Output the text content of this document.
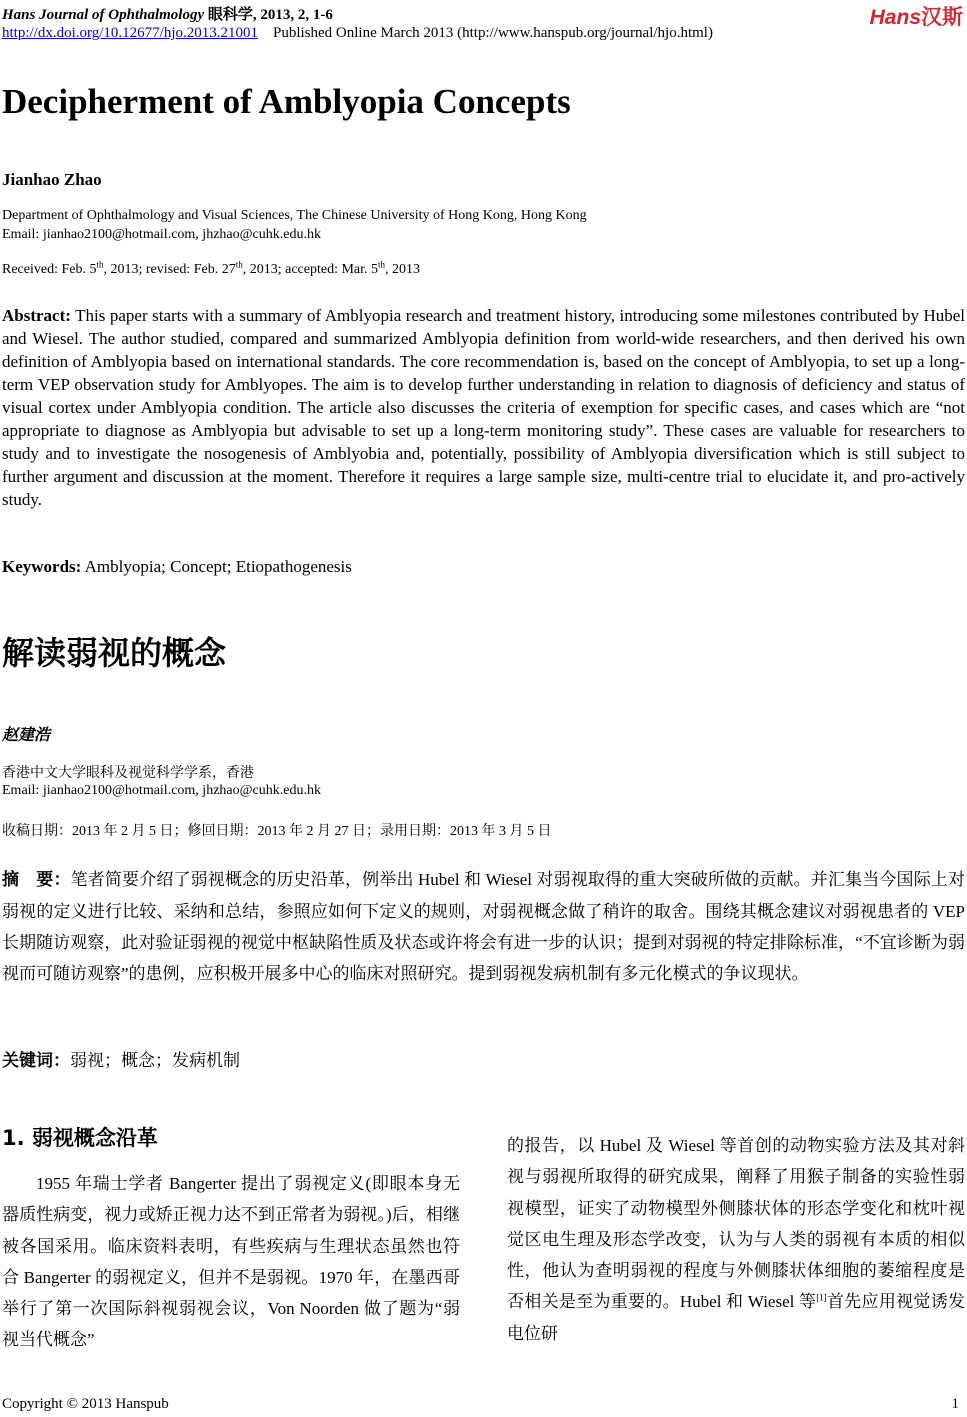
Hans Journal of Ophthalmology 眼科学, 2013, 2, 1-6
http://dx.doi.org/10.12677/hjo.2013.21001 Published Online March 2013 (http://www.hanspub.org/journal/hjo.html)
Hans汉斯
Decipherment of Amblyopia Concepts
Jianhao Zhao
Department of Ophthalmology and Visual Sciences, The Chinese University of Hong Kong, Hong Kong
Email: jianhao2100@hotmail.com, jhzhao@cuhk.edu.hk
Received: Feb. 5th, 2013; revised: Feb. 27th, 2013; accepted: Mar. 5th, 2013
Abstract: This paper starts with a summary of Amblyopia research and treatment history, introducing some milestones contributed by Hubel and Wiesel. The author studied, compared and summarized Amblyopia definition from world-wide researchers, and then derived his own definition of Amblyopia based on international standards. The core recommendation is, based on the concept of Amblyopia, to set up a long-term VEP observation study for Amblyopes. The aim is to develop further understanding in relation to diagnosis of deficiency and status of visual cortex under Amblyopia condition. The article also discusses the criteria of exemption for specific cases, and cases which are “not appropriate to diagnose as Amblyopia but advisable to set up a long-term monitoring study”. These cases are valuable for researchers to study and to investigate the nosogenesis of Amblyobia and, potentially, possibility of Amblyopia diversification which is still subject to further argument and discussion at the moment. Therefore it requires a large sample size, multi-centre trial to elucidate it, and pro-actively study.
Keywords: Amblyopia; Concept; Etiopathogenesis
解读弱视的概念
赵建浩
香港中文大学眼科及视觉科学学系，香港
Email: jianhao2100@hotmail.com, jhzhao@cuhk.edu.hk
收稿日期：2013 年 2 月 5 日；修回日期：2013 年 2 月 27 日；录用日期：2013 年 3 月 5 日
摘　要：笔者简要介绍了弱视概念的历史沿革，例举出 Hubel 和 Wiesel 对弱视取得的重大突破所做的贡献。并汇集当今国际上对弱视的定义进行比较、采纳和总结，参照应如何下定义的规则，对弱视概念做了稍许的取舍。围绕其概念建议对弱视患者的 VEP 长期随访观察，此对验证弱视的视觉中枢缺陷性质及状态或许将会有进一步的认识；提到对弱视的特定排除标准，“不宜诊断为弱视而可随访观察”的患例，应积极开展多中心的临床对照研究。提到弱视发病机制有多元化模式的争议现状。
关键词：弱视；概念；发病机制
1. 弱视概念沿革
1955 年瑞士学者 Bangerter 提出了弱视定义(即眼本身无器质性病变，视力或矫正视力达不到正常者为弱视。)后，相继被各国采用。临床资料表明，有些疾病与生理状态虽然也符合 Bangerter 的弱视定义，但并不是弱视。1970 年，在墨西哥举行了第一次国际斜视弱视会议，Von Noorden 做了题为“弱视当代概念”
的报告，以 Hubel 及 Wiesel 等首创的动物实验方法及其对斜视与弱视所取得的研究成果，阐释了用猴子制备的实验性弱视模型，证实了动物模型外侧膝状体的形态学变化和枕叶视觉区电生理及形态学改变，认为与人类的弱视有本质的相似性，他认为查明弱视的程度与外侧膝状体细胞的萎缩程度是否相关是至为重要的。Hubel 和 Wiesel 等[1]首先应用视觉诱发电位研
Copyright © 2013 Hanspub	1
